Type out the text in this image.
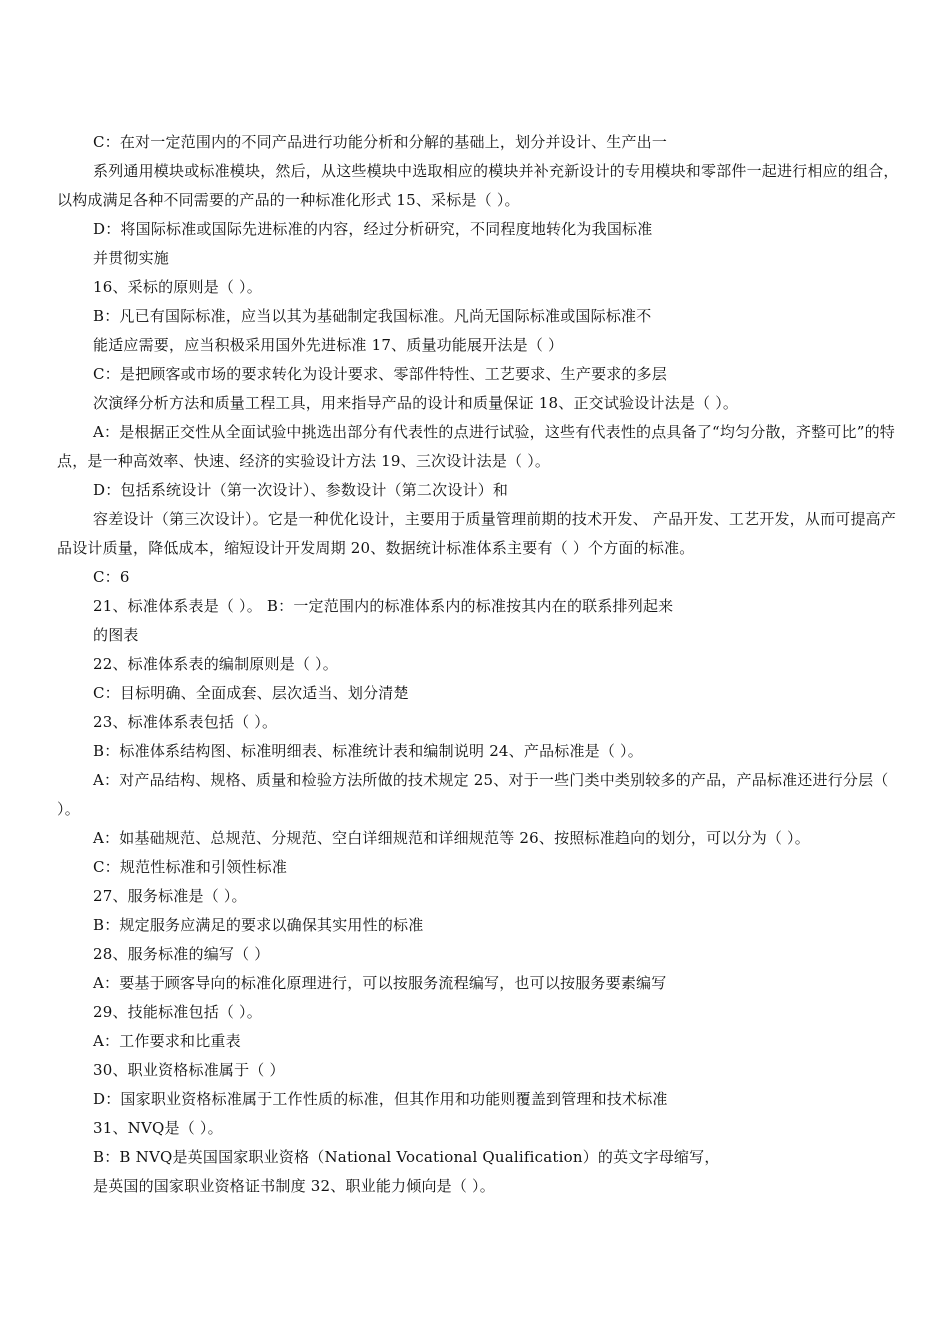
C：在对一定范围内的不同产品进行功能分析和分解的基础上，划分并设计、生产出一

系列通用模块或标准模块，然后，从这些模块中选取相应的模块并补充新设计的专用模块和零部件一起进行相应的组合，以构成满足各种不同需要的产品的一种标准化形式 15、采标是（ ）。

D：将国际标准或国际先进标准的内容，经过分析研究，不同程度地转化为我国标准

并贯彻实施

16、采标的原则是（ ）。

B：凡已有国际标准，应当以其为基础制定我国标准。凡尚无国际标准或国际标准不

能适应需要，应当积极采用国外先进标准 17、质量功能展开法是（ ）

C：是把顾客或市场的要求转化为设计要求、零部件特性、工艺要求、生产要求的多层

次演绎分析方法和质量工程工具，用来指导产品的设计和质量保证 18、正交试验设计法是（ ）。

A：是根据正交性从全面试验中挑选出部分有代表性的点进行试验，这些有代表性的点具备了“均匀分散，齐整可比”的特点，是一种高效率、快速、经济的实验设计方法 19、三次设计法是（ ）。

D：包括系统设计（第一次设计）、参数设计（第二次设计）和

容差设计（第三次设计）。它是一种优化设计，主要用于质量管理前期的技术开发、 产品开发、工艺开发，从而可提高产品设计质量，降低成本，缩短设计开发周期 20、数据统计标准体系主要有（ ）个方面的标准。

C：6

21、标准体系表是（ ）。 B：一定范围内的标准体系内的标准按其内在的联系排列起来

的图表

22、标准体系表的编制原则是（ ）。

C：目标明确、全面成套、层次适当、划分清楚

23、标准体系表包括（ ）。

B：标准体系结构图、标准明细表、标准统计表和编制说明 24、产品标准是（ ）。

A：对产品结构、规格、质量和检验方法所做的技术规定 25、对于一些门类中类别较多的产品，产品标准还进行分层（ ）。

A：如基础规范、总规范、分规范、空白详细规范和详细规范等 26、按照标准趋向的划分，可以分为（ ）。

C：规范性标准和引领性标准

27、服务标准是（ ）。

B：规定服务应满足的要求以确保其实用性的标准

28、服务标准的编写（ ）

A：要基于顾客导向的标准化原理进行，可以按服务流程编写，也可以按服务要素编写

29、技能标准包括（ ）。

A：工作要求和比重表

30、职业资格标准属于（ ）

D：国家职业资格标准属于工作性质的标准，但其作用和功能则覆盖到管理和技术标准

31、NVQ是（ ）。

B：B NVQ是英国国家职业资格（National Vocational Qualification）的英文字母缩写，

是英国的国家职业资格证书制度 32、职业能力倾向是（ ）。
